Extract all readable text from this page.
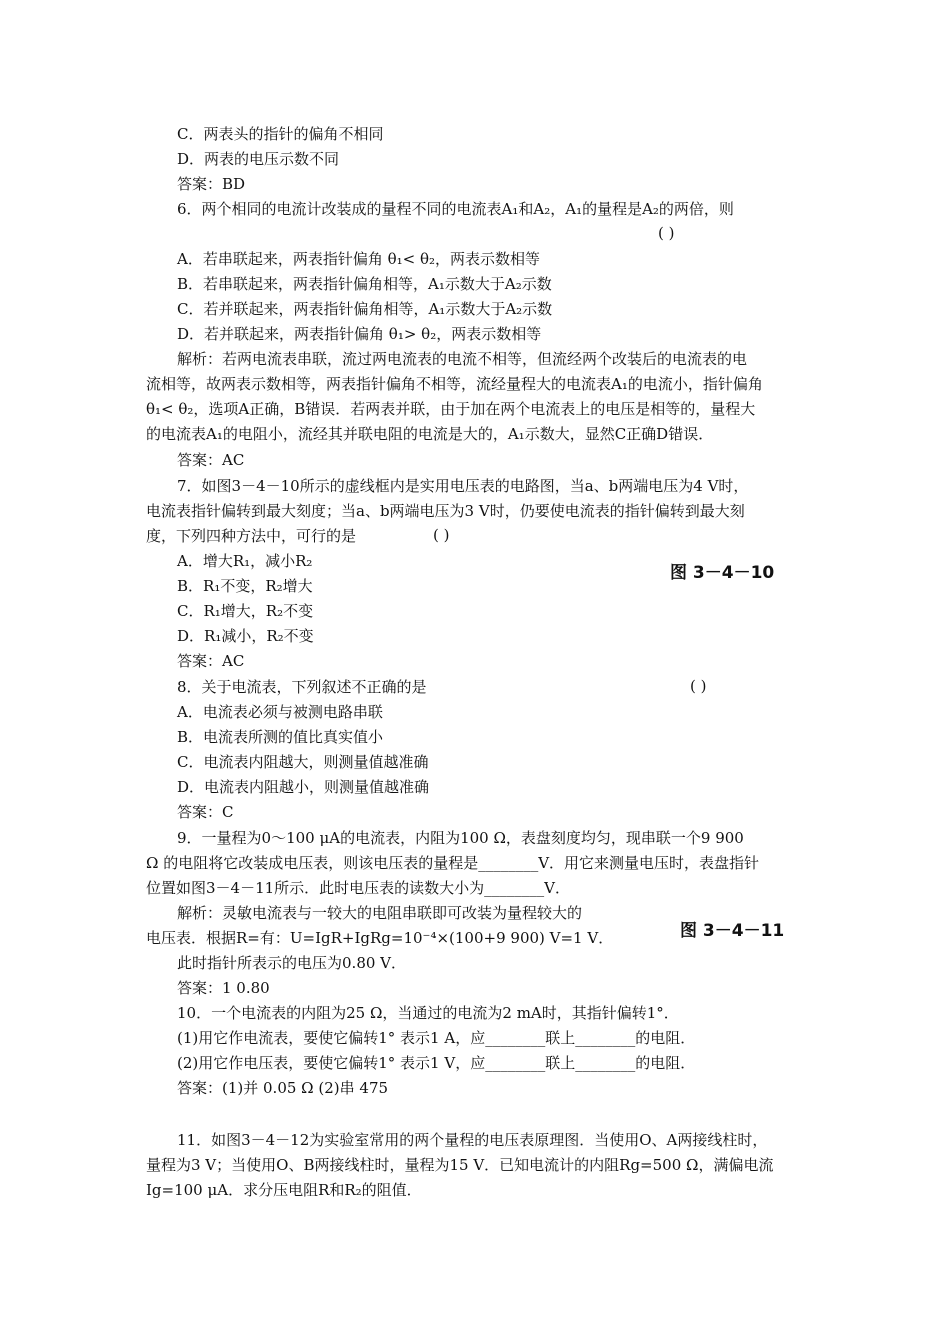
C．两表头的指针的偏角不相同
D．两表的电压示数不同
答案：BD
6．两个相同的电流计改装成的量程不同的电流表A₁和A₂，A₁的量程是A₂的两倍，则
A．若串联起来，两表指针偏角 θ₁< θ₂，两表示数相等
B．若串联起来，两表指针偏角相等，A₁示数大于A₂示数
C．若并联起来，两表指针偏角相等，A₁示数大于A₂示数
D．若并联起来，两表指针偏角 θ₁> θ₂，两表示数相等
解析：若两电流表串联，流过两电流表的电流不相等，但流经两个改装后的电流表的电
流相等，故两表示数相等，两表指针偏角不相等，流经量程大的电流表A₁的电流小，指针偏角
θ₁< θ₂，选项A正确，B错误．若两表并联，由于加在两个电流表上的电压是相等的，量程大
的电流表A₁的电阻小，流经其并联电阻的电流是大的，A₁示数大，显然C正确D错误．
答案：AC
7．如图3－4－10所示的虚线框内是实用电压表的电路图，当a、b两端电压为4 V时，
电流表指针偏转到最大刻度；当a、b两端电压为3 V时，仍要使电流表的指针偏转到最大刻
度，下列四种方法中，可行的是
A．增大R₁，减小R₂
B．R₁不变，R₂增大
C．R₁增大，R₂不变
D．R₁减小，R₂不变
答案：AC
8．关于电流表，下列叙述不正确的是
A．电流表必须与被测电路串联
B．电流表所测的值比真实值小
C．电流表内阻越大，则测量值越准确
D．电流表内阻越小，则测量值越准确
答案：C
9．一量程为0～100 μA的电流表，内阻为100 Ω，表盘刻度均匀，现串联一个9 900
Ω 的电阻将它改装成电压表，则该电压表的量程是________V．用它来测量电压时，表盘指针
位置如图3－4－11所示．此时电压表的读数大小为________V．
解析：灵敏电流表与一较大的电阻串联即可改装为量程较大的
电压表．根据R=有：U=IgR+IgRg=10⁻⁴×(100+9 900) V=1 V．
此时指针所表示的电压为0.80 V．
答案：1 0.80
10．一个电流表的内阻为25 Ω，当通过的电流为2 mA时，其指针偏转1°．
(1)用它作电流表，要使它偏转1° 表示1 A，应________联上________的电阻．
(2)用它作电压表，要使它偏转1° 表示1 V，应________联上________的电阻．
答案：(1)并 0.05 Ω (2)串 475
11．如图3－4－12为实验室常用的两个量程的电压表原理图．当使用O、A两接线柱时，
量程为3 V；当使用O、B两接线柱时，量程为15 V．已知电流计的内阻Rg=500 Ω，满偏电流
Ig=100 μA．求分压电阻R和R₂的阻值．
( )
( )
( )
图 3－4－10
图 3－4－11
